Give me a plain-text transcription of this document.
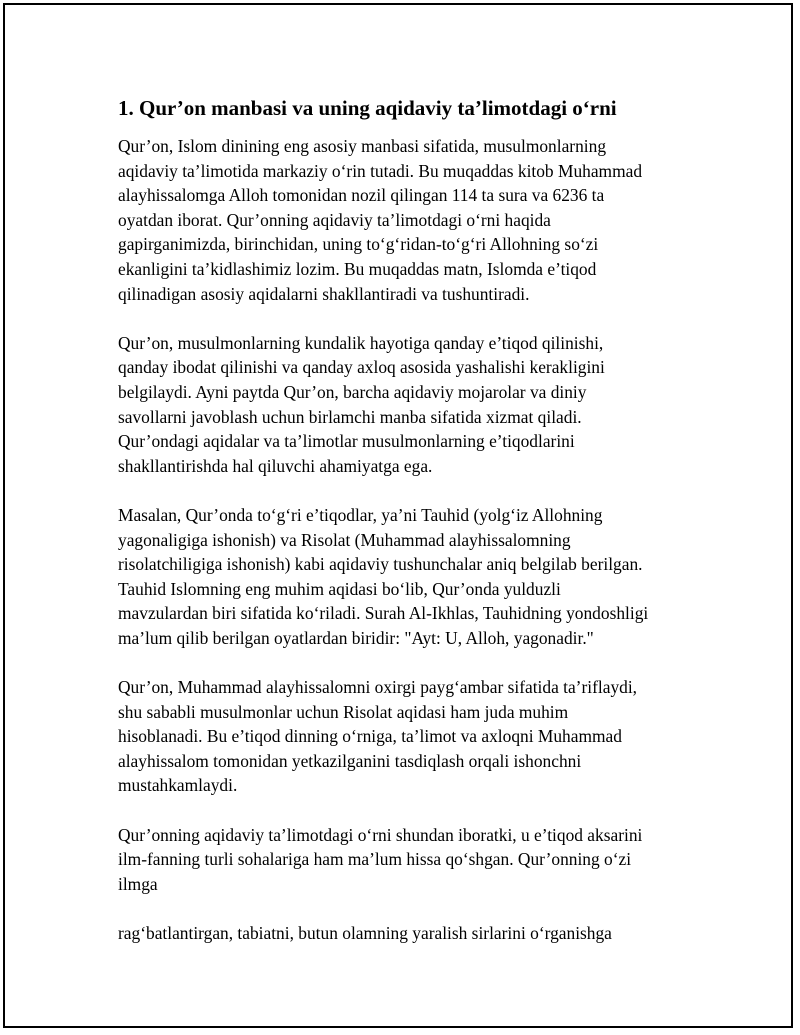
1. Qur’on manbasi va uning aqidaviy ta’limotdagi o‘rni

Qur’on, Islom dinining eng asosiy manbasi sifatida, musulmonlarning
aqidaviy ta’limotida markaziy o‘rin tutadi. Bu muqaddas kitob Muhammad
alayhissalomga Alloh tomonidan nozil qilingan 114 ta sura va 6236 ta
oyatdan iborat. Qur’onning aqidaviy ta’limotdagi o‘rni haqida
gapirganimizda, birinchidan, uning to‘g‘ridan-to‘g‘ri Allohning so‘zi
ekanligini ta’kidlashimiz lozim. Bu muqaddas matn, Islomda e’tiqod
qilinadigan asosiy aqidalarni shakllantiradi va tushuntiradi.

Qur’on, musulmonlarning kundalik hayotiga qanday e’tiqod qilinishi,
qanday ibodat qilinishi va qanday axloq asosida yashalishi kerakligini
belgilaydi. Ayni paytda Qur’on, barcha aqidaviy mojarolar va diniy
savollarni javoblash uchun birlamchi manba sifatida xizmat qiladi.
Qur’ondagi aqidalar va ta’limotlar musulmonlarning e’tiqodlarini
shakllantirishda hal qiluvchi ahamiyatga ega.

Masalan, Qur’onda to‘g‘ri e’tiqodlar, ya’ni Tauhid (yolg‘iz Allohning
yagonaligiga ishonish) va Risolat (Muhammad alayhissalomning
risolatchiligiga ishonish) kabi aqidaviy tushunchalar aniq belgilab berilgan.
Tauhid Islomning eng muhim aqidasi bo‘lib, Qur’onda yulduzli
mavzulardan biri sifatida ko‘riladi. Surah Al-Ikhlas, Tauhidning yondoshligi
ma’lum qilib berilgan oyatlardan biridir: "Ayt: U, Alloh, yagonadir."

Qur’on, Muhammad alayhissalomni oxirgi payg‘ambar sifatida ta’riflaydi,
shu sababli musulmonlar uchun Risolat aqidasi ham juda muhim
hisoblanadi. Bu e’tiqod dinning o‘rniga, ta’limot va axloqni Muhammad
alayhissalom tomonidan yetkazilganini tasdiqlash orqali ishonchni
mustahkamlaydi.

Qur’onning aqidaviy ta’limotdagi o‘rni shundan iboratki, u e’tiqod aksarini
ilm-fanning turli sohalariga ham ma’lum hissa qo‘shgan. Qur’onning o‘zi
ilmga

rag‘batlantirgan, tabiatni, butun olamning yaralish sirlarini o‘rganishga
